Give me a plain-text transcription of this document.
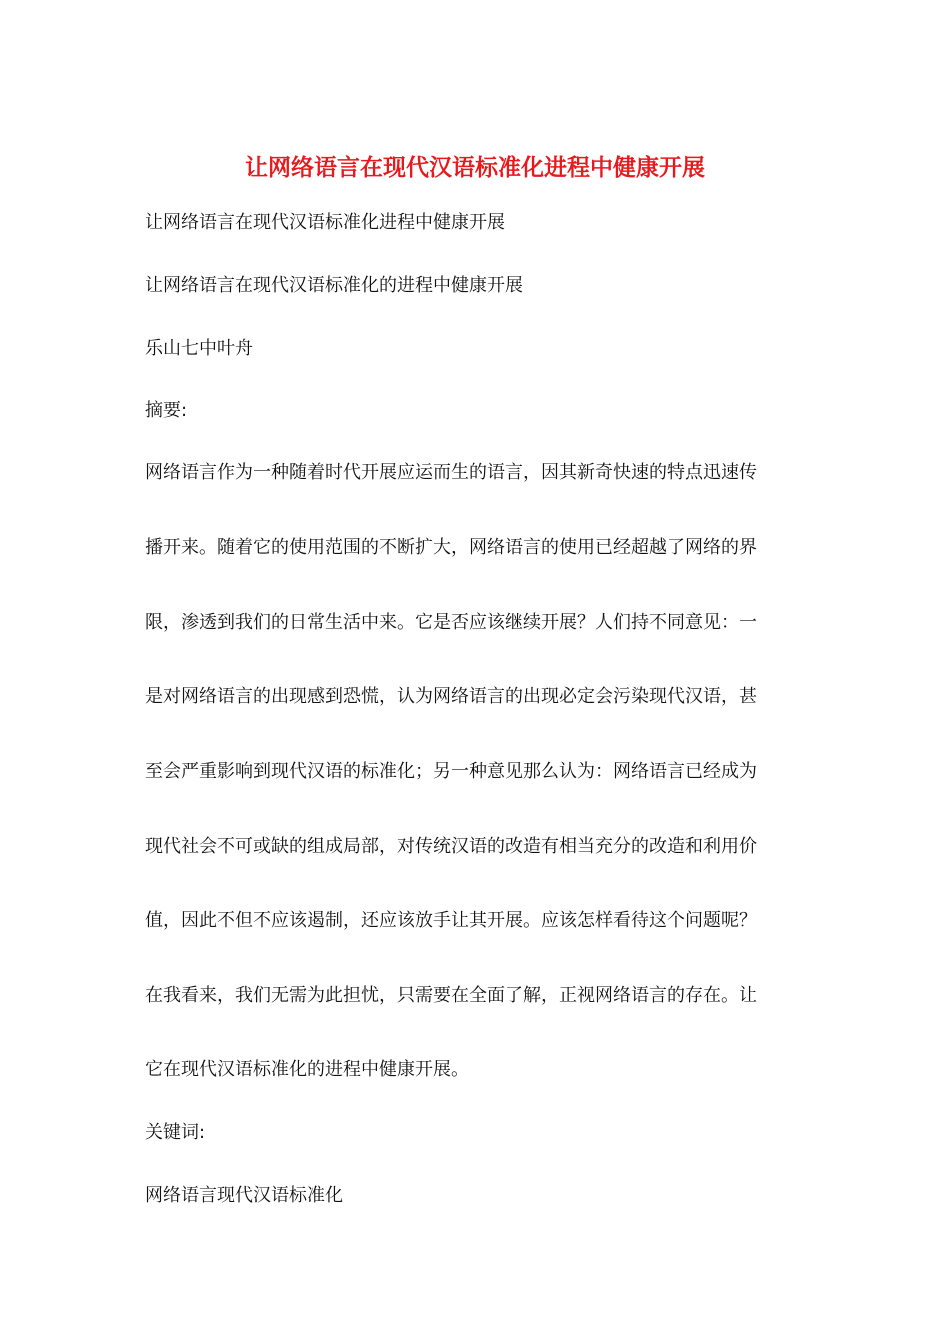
让网络语言在现代汉语标准化进程中健康开展
让网络语言在现代汉语标准化进程中健康开展
让网络语言在现代汉语标准化的进程中健康开展
乐山七中叶舟
摘要:
网络语言作为一种随着时代开展应运而生的语言，因其新奇快速的特点迅速传
播开来。随着它的使用范围的不断扩大，网络语言的使用已经超越了网络的界
限，渗透到我们的日常生活中来。它是否应该继续开展？人们持不同意见：一
是对网络语言的出现感到恐慌，认为网络语言的出现必定会污染现代汉语，甚
至会严重影响到现代汉语的标准化；另一种意见那么认为：网络语言已经成为
现代社会不可或缺的组成局部，对传统汉语的改造有相当充分的改造和利用价
值，因此不但不应该遏制，还应该放手让其开展。应该怎样看待这个问题呢？
在我看来，我们无需为此担忧，只需要在全面了解，正视网络语言的存在。让
它在现代汉语标准化的进程中健康开展。
关键词:
网络语言现代汉语标准化
